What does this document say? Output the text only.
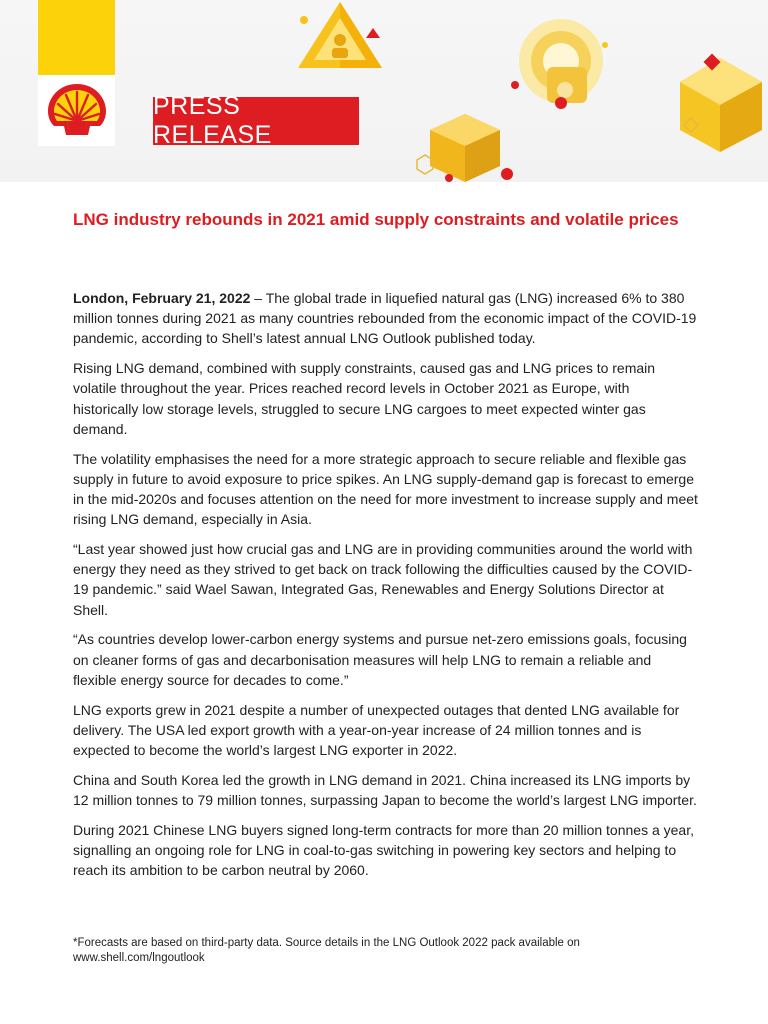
PRESS RELEASE
LNG industry rebounds in 2021 amid supply constraints and volatile prices

London, February 21, 2022 – The global trade in liquefied natural gas (LNG) increased 6% to 380 million tonnes during 2021 as many countries rebounded from the economic impact of the COVID-19 pandemic, according to Shell’s latest annual LNG Outlook published today.

Rising LNG demand, combined with supply constraints, caused gas and LNG prices to remain volatile throughout the year. Prices reached record levels in October 2021 as Europe, with historically low storage levels, struggled to secure LNG cargoes to meet expected winter gas demand.

The volatility emphasises the need for a more strategic approach to secure reliable and flexible gas supply in future to avoid exposure to price spikes. An LNG supply-demand gap is forecast to emerge in the mid-2020s and focuses attention on the need for more investment to increase supply and meet rising LNG demand, especially in Asia.

“Last year showed just how crucial gas and LNG are in providing communities around the world with energy they need as they strived to get back on track following the difficulties caused by the COVID-19 pandemic.” said Wael Sawan, Integrated Gas, Renewables and Energy Solutions Director at Shell.

“As countries develop lower-carbon energy systems and pursue net-zero emissions goals, focusing on cleaner forms of gas and decarbonisation measures will help LNG to remain a reliable and flexible energy source for decades to come.”

LNG exports grew in 2021 despite a number of unexpected outages that dented LNG available for delivery. The USA led export growth with a year-on-year increase of 24 million tonnes and is expected to become the world’s largest LNG exporter in 2022.

China and South Korea led the growth in LNG demand in 2021. China increased its LNG imports by 12 million tonnes to 79 million tonnes, surpassing Japan to become the world’s largest LNG importer.

During 2021 Chinese LNG buyers signed long-term contracts for more than 20 million tonnes a year, signalling an ongoing role for LNG in coal-to-gas switching in powering key sectors and helping to reach its ambition to be carbon neutral by 2060.

*Forecasts are based on third-party data. Source details in the LNG Outlook 2022 pack available on www.shell.com/lngoutlook
